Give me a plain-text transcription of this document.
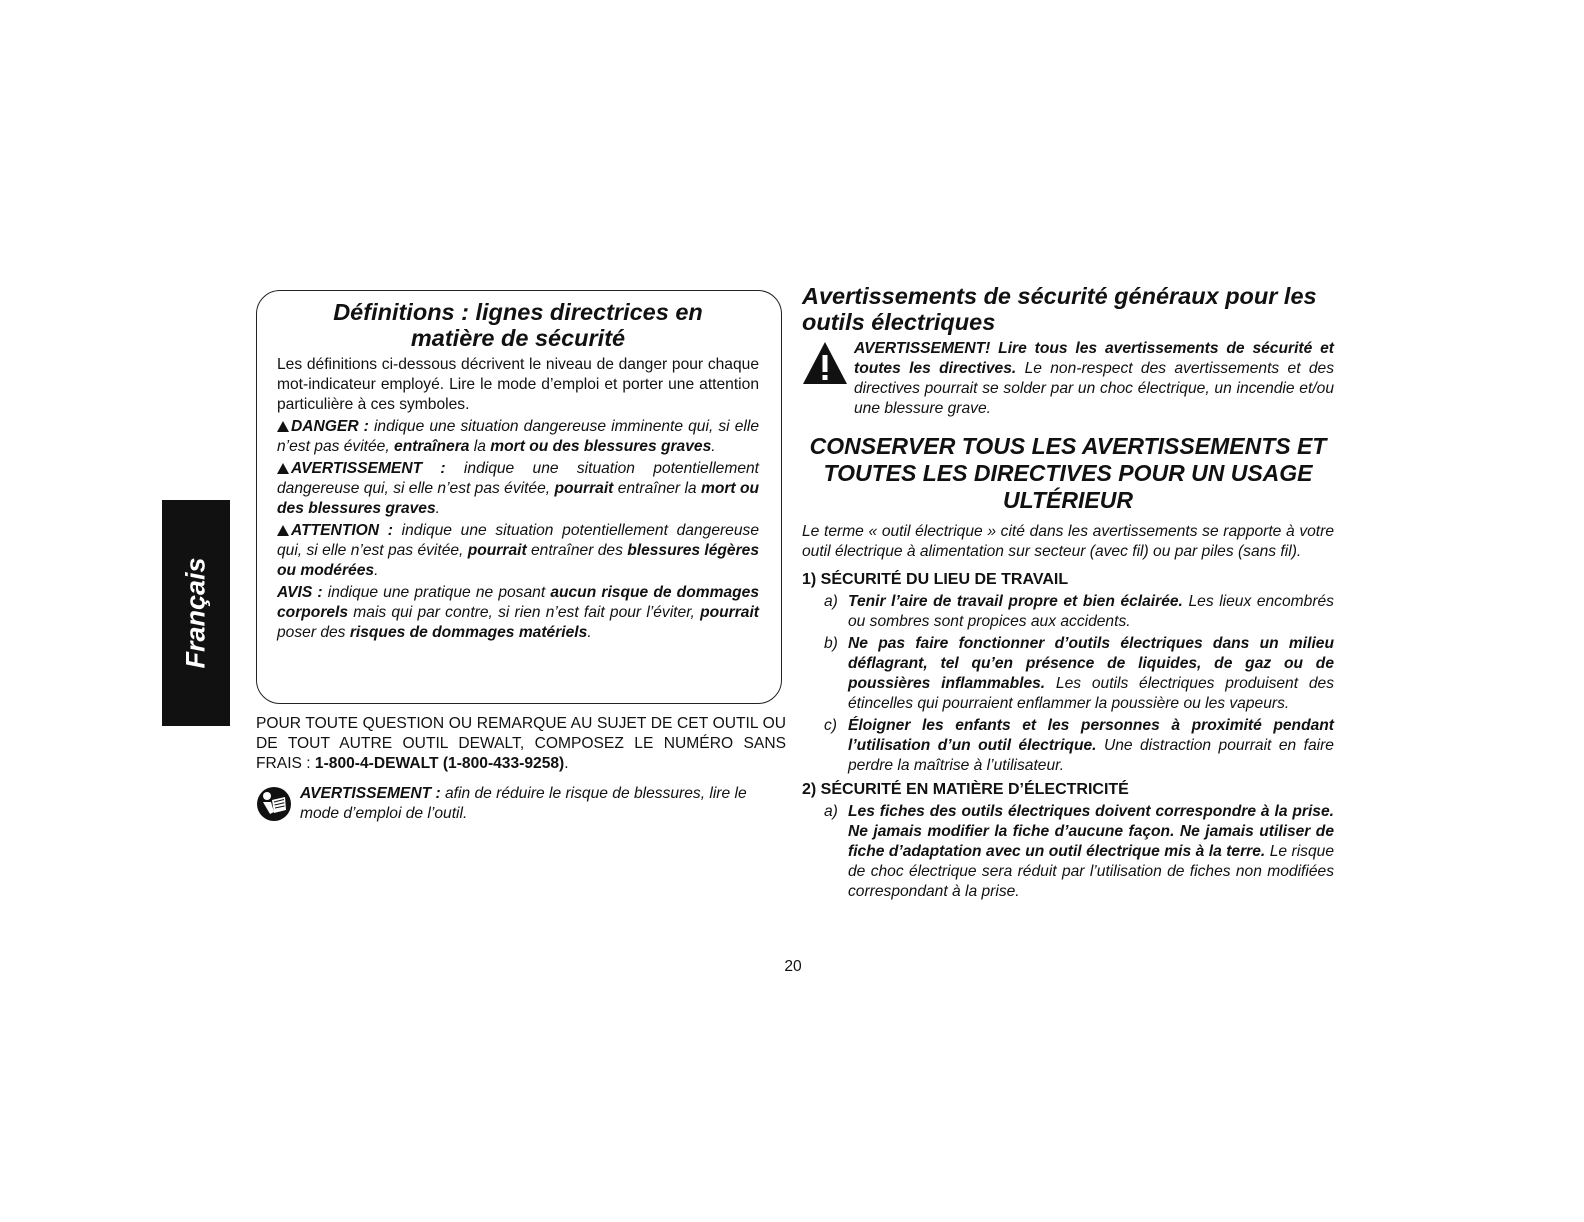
Français
Définitions : lignes directrices en
matière de sécurité

Les définitions ci-dessous décrivent le niveau de danger pour chaque mot-indicateur employé. Lire le mode d’emploi et porter une attention particulière à ces symboles.

DANGER : indique une situation dangereuse imminente qui, si elle n’est pas évitée, entraînera la mort ou des blessures graves.

AVERTISSEMENT : indique une situation potentiellement dangereuse qui, si elle n’est pas évitée, pourrait entraîner la mort ou des blessures graves.

ATTENTION : indique une situation potentiellement dangereuse qui, si elle n’est pas évitée, pourrait entraîner des blessures légères ou modérées.

AVIS : indique une pratique ne posant aucun risque de dommages corporels mais qui par contre, si rien n’est fait pour l’éviter, pourrait poser des risques de dommages matériels.

POUR TOUTE QUESTION OU REMARQUE AU SUJET DE CET OUTIL OU DE TOUT AUTRE OUTIL DEWALT, COMPOSEZ LE NUMÉRO SANS FRAIS : 1-800-4-DEWALT (1-800-433-9258).
AVERTISSEMENT : afin de réduire le risque de blessures, lire le mode d’emploi de l’outil.
Avertissements de sécurité généraux pour les outils électriques
AVERTISSEMENT! Lire tous les avertissements de sécurité et toutes les directives. Le non-respect des avertissements et des directives pourrait se solder par un choc électrique, un incendie et/ou une blessure grave.
CONSERVER TOUS LES AVERTISSEMENTS ET TOUTES LES DIRECTIVES POUR UN USAGE ULTÉRIEUR
Le terme « outil électrique » cité dans les avertissements se rapporte à votre outil électrique à alimentation sur secteur (avec fil) ou par piles (sans fil).
1) SÉCURITÉ DU LIEU DE TRAVAIL
a) Tenir l’aire de travail propre et bien éclairée. Les lieux encombrés ou sombres sont propices aux accidents.
b) Ne pas faire fonctionner d’outils électriques dans un milieu déflagrant, tel qu’en présence de liquides, de gaz ou de poussières inflammables. Les outils électriques produisent des étincelles qui pourraient enflammer la poussière ou les vapeurs.
c) Éloigner les enfants et les personnes à proximité pendant l’utilisation d’un outil électrique. Une distraction pourrait en faire perdre la maîtrise à l’utilisateur.
2) SÉCURITÉ EN MATIÈRE D’ÉLECTRICITÉ
a) Les fiches des outils électriques doivent correspondre à la prise. Ne jamais modifier la fiche d’aucune façon. Ne jamais utiliser de fiche d’adaptation avec un outil électrique mis à la terre. Le risque de choc électrique sera réduit par l’utilisation de fiches non modifiées correspondant à la prise.
20
